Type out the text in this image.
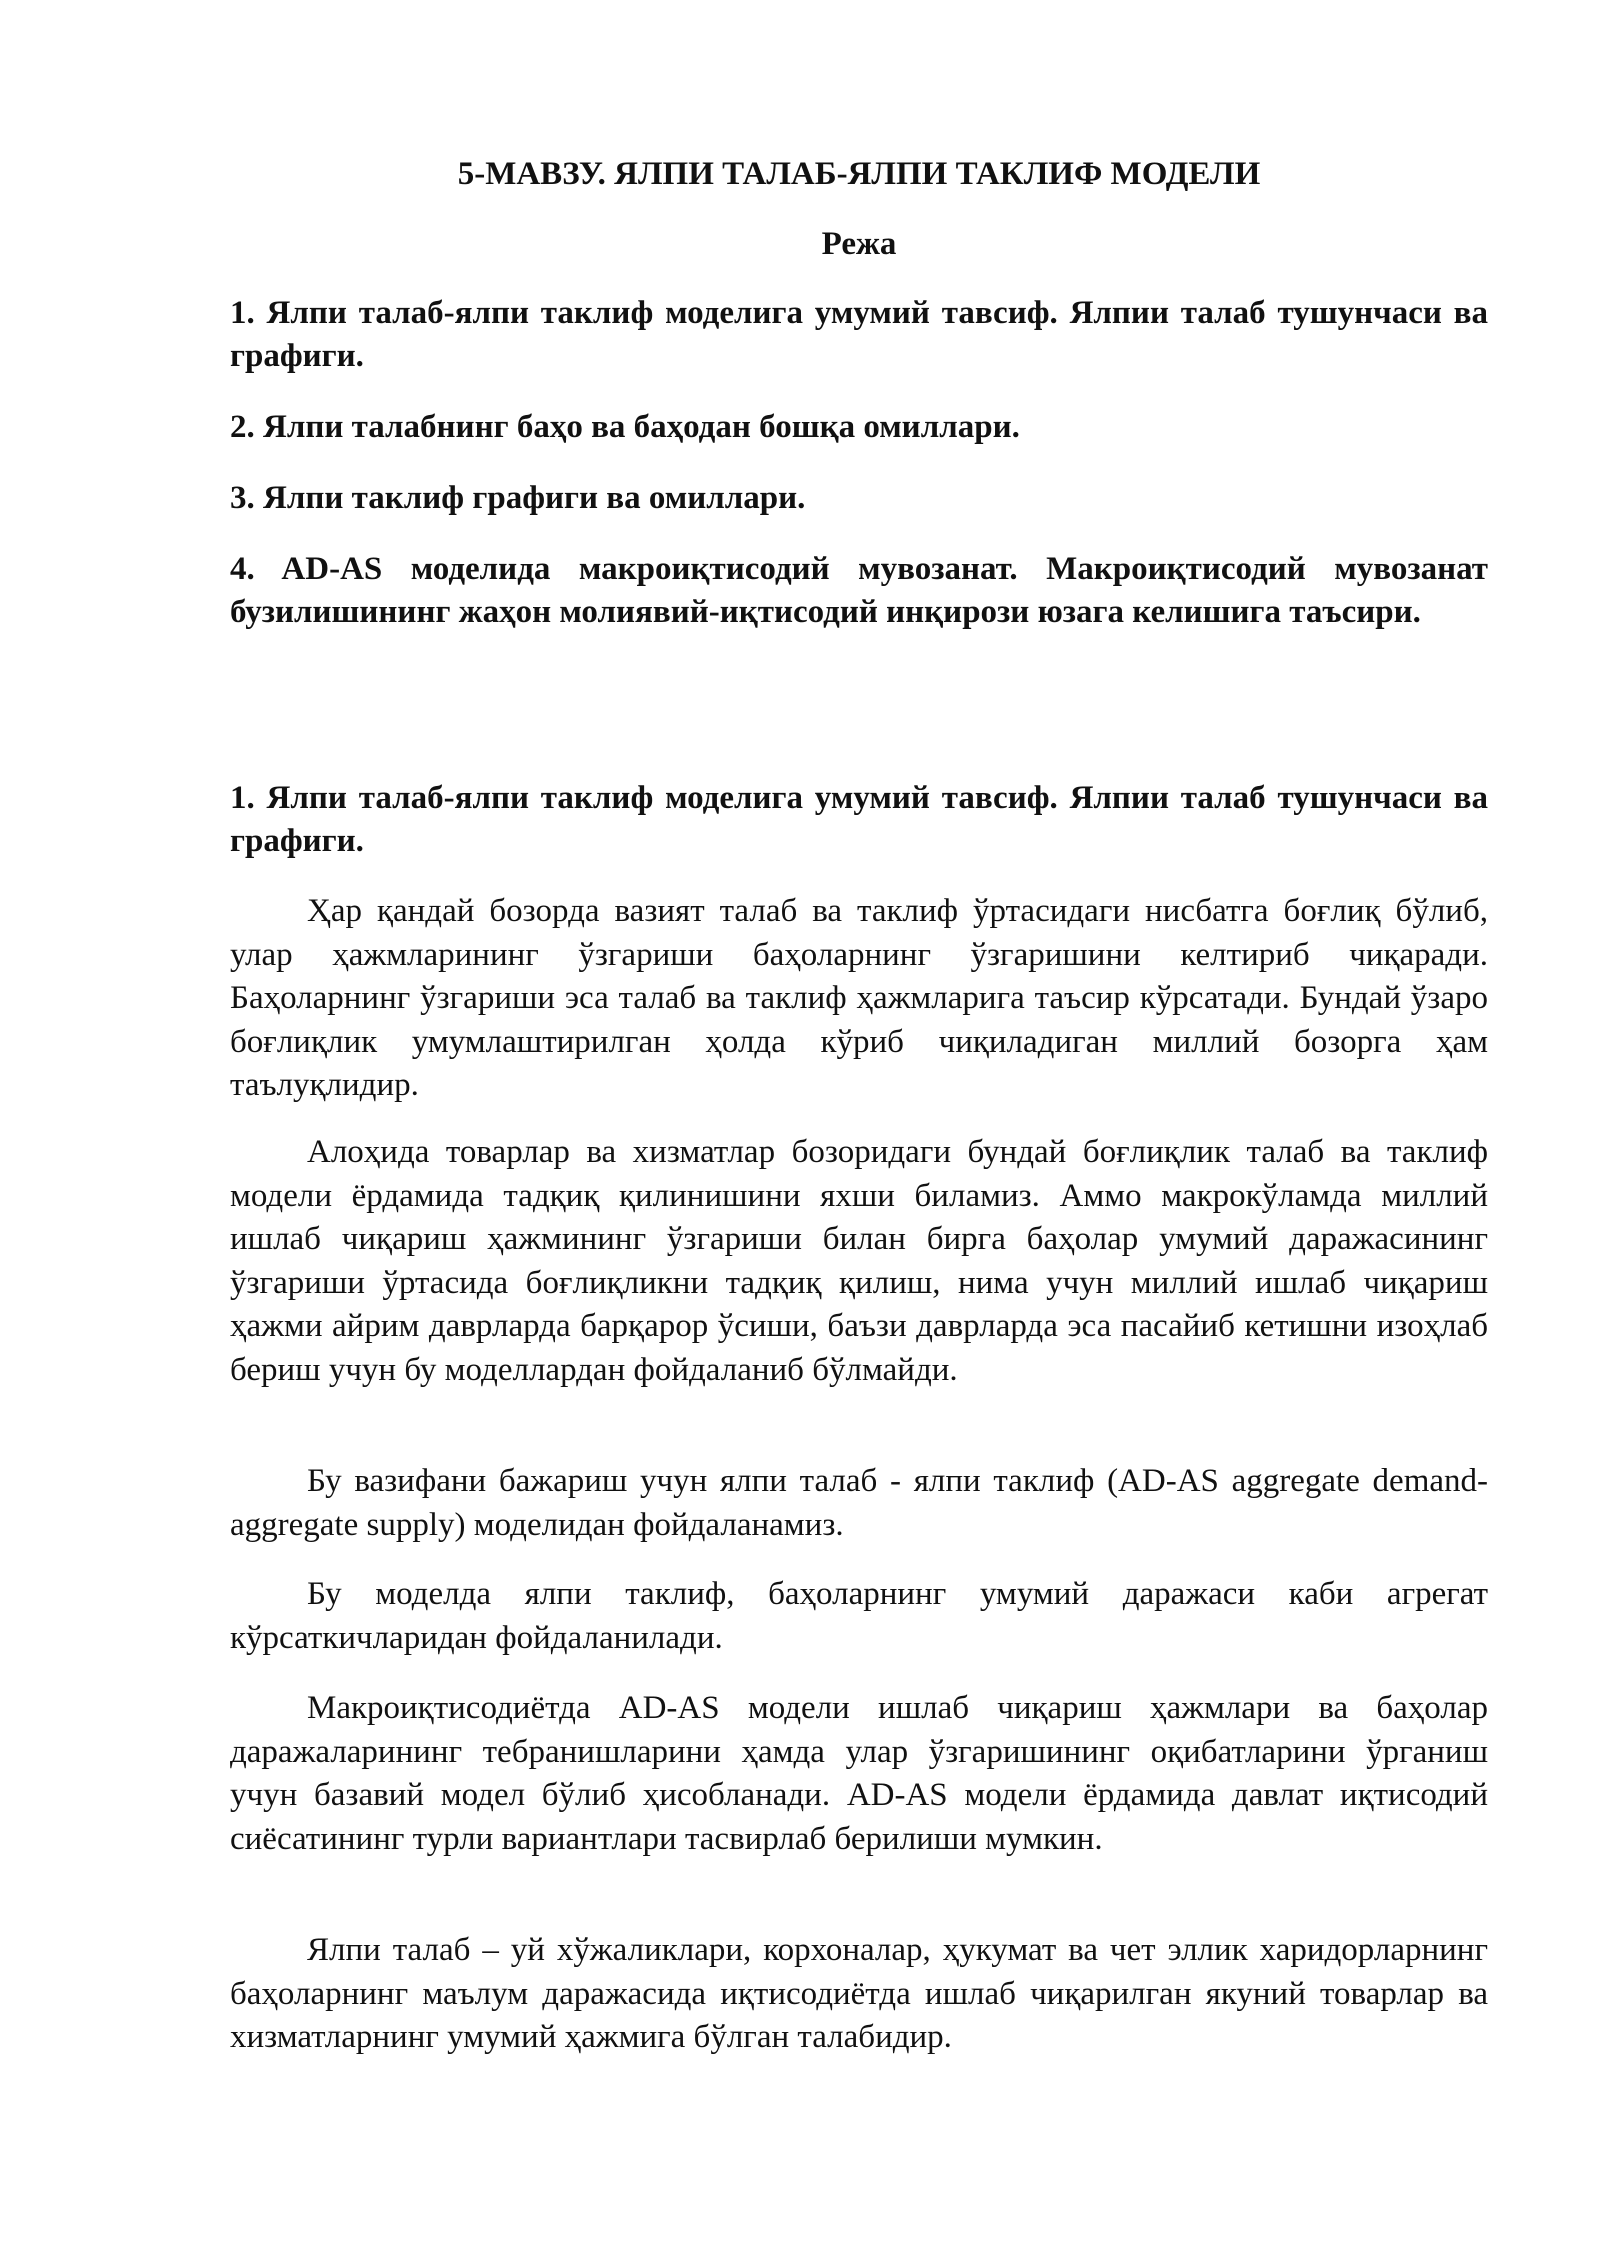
5-МАВЗУ. ЯЛПИ ТАЛАБ-ЯЛПИ ТАКЛИФ МОДЕЛИ
Режа

1. Ялпи талаб-ялпи таклиф моделига умумий тавсиф. Ялпии талаб тушунчаси ва графиги.

2. Ялпи талабнинг баҳо ва баҳодан бошқа омиллари.

3. Ялпи таклиф графиги ва омиллари.

4. AD-AS моделида макроиқтисодий мувозанат. Макроиқтисодий мувозанат бузилишининг жаҳон молиявий-иқтисодий инқирози юзага келишига таъсири.

1. Ялпи талаб-ялпи таклиф моделига умумий тавсиф. Ялпии талаб тушунчаси ва графиги.

Ҳар қандай бозорда вазият талаб ва таклиф ўртасидаги нисбатга боғлиқ бўлиб, улар ҳажмларининг ўзгариши баҳоларнинг ўзгаришини келтириб чиқаради. Баҳоларнинг ўзгариши эса талаб ва таклиф ҳажмларига таъсир кўрсатади. Бундай ўзаро боғлиқлик умумлаштирилган ҳолда кўриб чиқиладиган миллий бозорга ҳам таълуқлидир.

Алоҳида товарлар ва хизматлар бозоридаги бундай боғлиқлик талаб ва таклиф модели ёрдамида тадқиқ қилинишини яхши биламиз. Аммо макрокўламда миллий ишлаб чиқариш ҳажмининг ўзгариши билан бирга баҳолар умумий даражасининг ўзгариши ўртасида боғлиқликни тадқиқ қилиш, нима учун миллий ишлаб чиқариш ҳажми айрим даврларда барқарор ўсиши, баъзи даврларда эса пасайиб кетишни изоҳлаб бериш учун бу моделлардан фойдаланиб бўлмайди.

Бу вазифани бажариш учун ялпи талаб - ялпи таклиф (AD-AS aggregate demand- aggregate supply) моделидан фойдаланамиз.

Бу моделда ялпи таклиф, баҳоларнинг умумий даражаси каби агрегат кўрсаткичларидан фойдаланилади.

Макроиқтисодиётда AD-AS модели ишлаб чиқариш ҳажмлари ва баҳолар даражаларининг тебранишларини ҳамда улар ўзгаришининг оқибатларини ўрганиш учун базавий модел бўлиб ҳисобланади. AD-AS модели ёрдамида давлат иқтисодий сиёсатининг турли вариантлари тасвирлаб берилиши мумкин.

Ялпи талаб – уй хўжаликлари, корхоналар, ҳукумат ва чет эллик харидорларнинг баҳоларнинг маълум даражасида иқтисодиётда ишлаб чиқарилган якуний товарлар ва хизматларнинг умумий ҳажмига бўлган талабидир.
